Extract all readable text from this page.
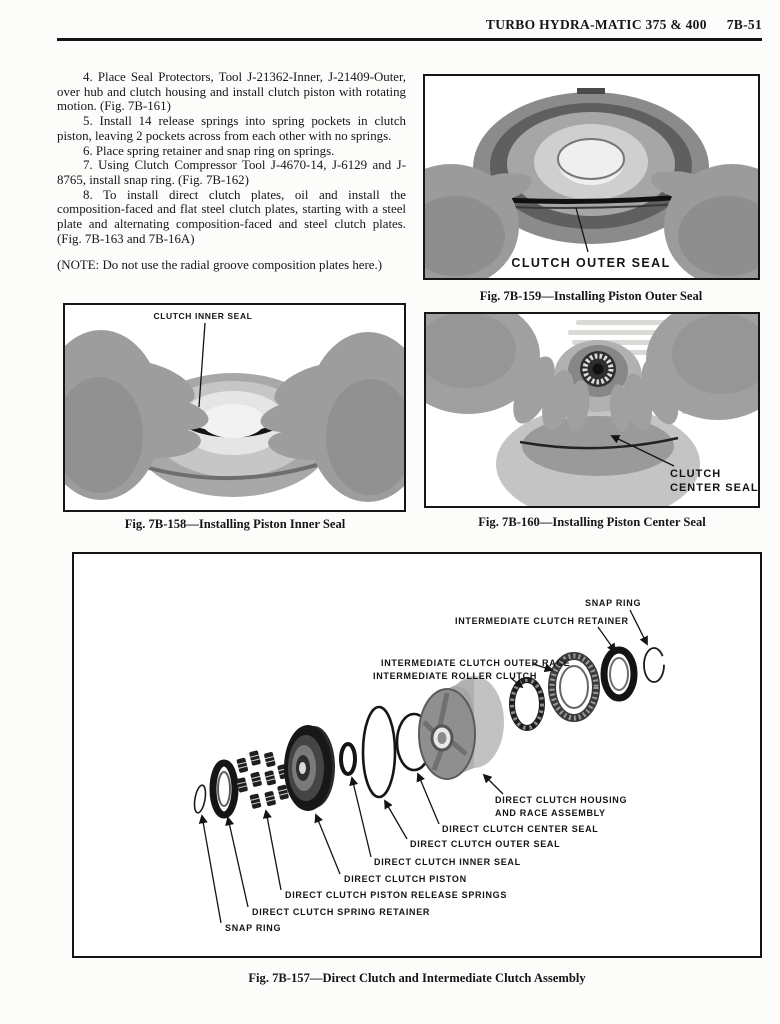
TURBO HYDRA-MATIC 375 & 400 7B-51

4. Place Seal Protectors, Tool J-21362-Inner, J-21409-Outer, over hub and clutch housing and install clutch piston with rotating motion. (Fig. 7B-161)

5. Install 14 release springs into spring pockets in clutch piston, leaving 2 pockets across from each other with no springs.

6. Place spring retainer and snap ring on springs.

7. Using Clutch Compressor Tool J-4670-14, J-6129 and J-8765, install snap ring. (Fig. 7B-162)

8. To install direct clutch plates, oil and install the composition-faced and flat steel clutch plates, starting with a steel plate and alternating composition-faced and steel clutch plates. (Fig. 7B-163 and 7B-16A)

(NOTE: Do not use the radial groove composition plates here.)	CLUTCH OUTER SEAL
Fig. 7B-159—Installing Piston Outer Seal
CLUTCH INNER SEAL
Fig. 7B-158—Installing Piston Inner Seal
CLUTCH
CENTER SEAL
Fig. 7B-160—Installing Piston Center Seal
SNAP RING
INTERMEDIATE CLUTCH RETAINER
INTERMEDIATE CLUTCH OUTER RACE
INTERMEDIATE ROLLER CLUTCH
DIRECT CLUTCH HOUSING
AND RACE ASSEMBLY
DIRECT CLUTCH CENTER SEAL
DIRECT CLUTCH OUTER SEAL
DIRECT CLUTCH INNER SEAL
DIRECT CLUTCH PISTON
DIRECT CLUTCH PISTON RELEASE SPRINGS
DIRECT CLUTCH SPRING RETAINER
SNAP RING
Fig. 7B-157—Direct Clutch and Intermediate Clutch Assembly
